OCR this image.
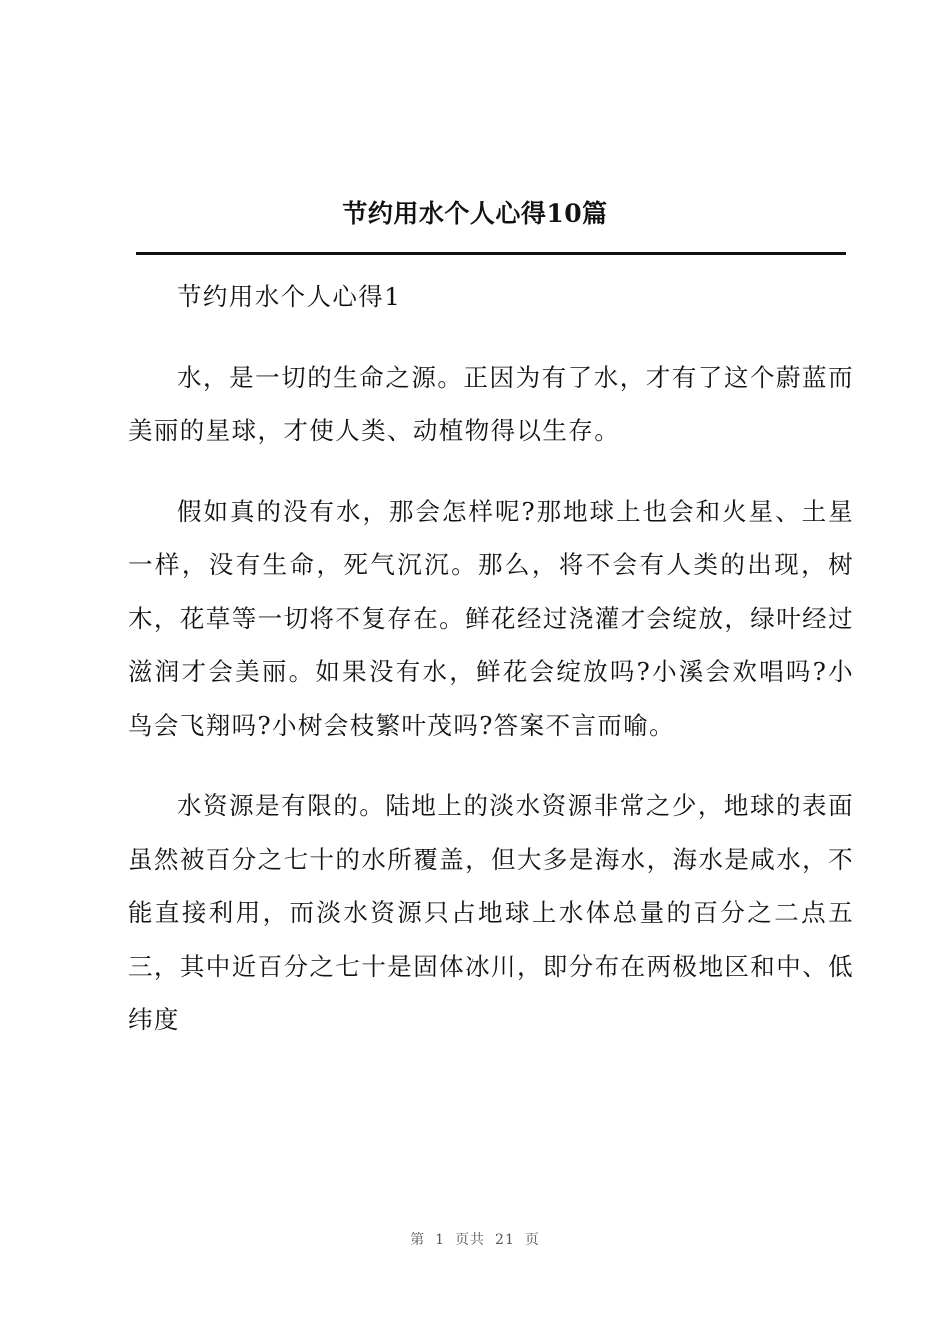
节约用水个人心得10篇

节约用水个人心得1

水，是一切的生命之源。正因为有了水，才有了这个蔚蓝而美丽的星球，才使人类、动植物得以生存。

假如真的没有水，那会怎样呢?那地球上也会和火星、土星一样，没有生命，死气沉沉。那么，将不会有人类的出现，树木，花草等一切将不复存在。鲜花经过浇灌才会绽放，绿叶经过滋润才会美丽。如果没有水，鲜花会绽放吗?小溪会欢唱吗?小鸟会飞翔吗?小树会枝繁叶茂吗?答案不言而喻。

水资源是有限的。陆地上的淡水资源非常之少，地球的表面虽然被百分之七十的水所覆盖，但大多是海水，海水是咸水，不能直接利用，而淡水资源只占地球上水体总量的百分之二点五三，其中近百分之七十是固体冰川，即分布在两极地区和中、低纬度

第 1 页共 21 页
